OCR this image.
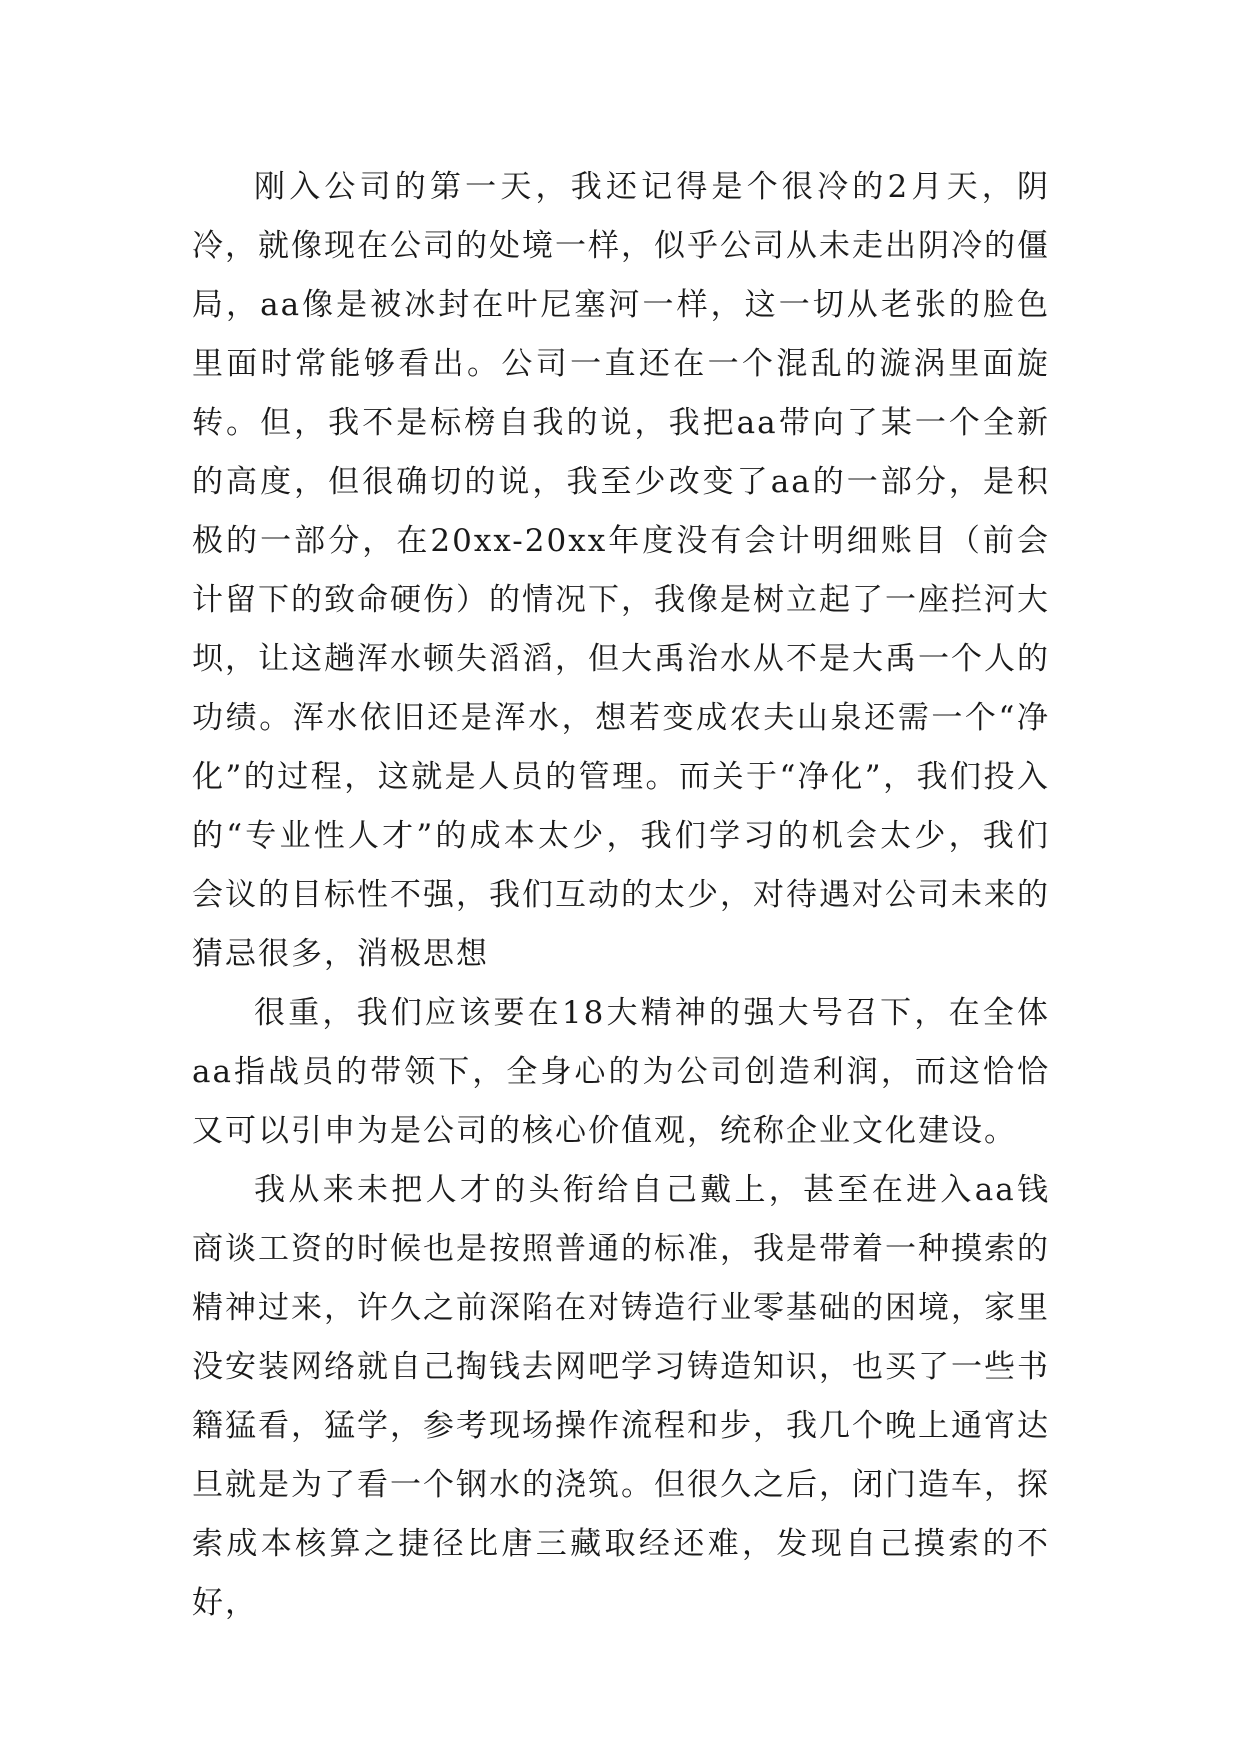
刚入公司的第一天，我还记得是个很冷的2月天，阴冷，就像现在公司的处境一样，似乎公司从未走出阴冷的僵局，aa像是被冰封在叶尼塞河一样，这一切从老张的脸色里面时常能够看出。公司一直还在一个混乱的漩涡里面旋转。但，我不是标榜自我的说，我把aa带向了某一个全新的高度，但很确切的说，我至少改变了aa的一部分，是积极的一部分，在20xx-20xx年度没有会计明细账目（前会计留下的致命硬伤）的情况下，我像是树立起了一座拦河大坝，让这趟浑水顿失滔滔，但大禹治水从不是大禹一个人的功绩。浑水依旧还是浑水，想若变成农夫山泉还需一个“净化”的过程，这就是人员的管理。而关于“净化”，我们投入的“专业性人才”的成本太少，我们学习的机会太少，我们会议的目标性不强，我们互动的太少，对待遇对公司未来的猜忌很多，消极思想

很重，我们应该要在18大精神的强大号召下，在全体aa指战员的带领下，全身心的为公司创造利润，而这恰恰又可以引申为是公司的核心价值观，统称企业文化建设。

我从来未把人才的头衔给自己戴上，甚至在进入aa钱商谈工资的时候也是按照普通的标准，我是带着一种摸索的精神过来，许久之前深陷在对铸造行业零基础的困境，家里没安装网络就自己掏钱去网吧学习铸造知识，也买了一些书籍猛看，猛学，参考现场操作流程和步，我几个晚上通宵达旦就是为了看一个钢水的浇筑。但很久之后，闭门造车，探索成本核算之捷径比唐三藏取经还难，发现自己摸索的不好，
